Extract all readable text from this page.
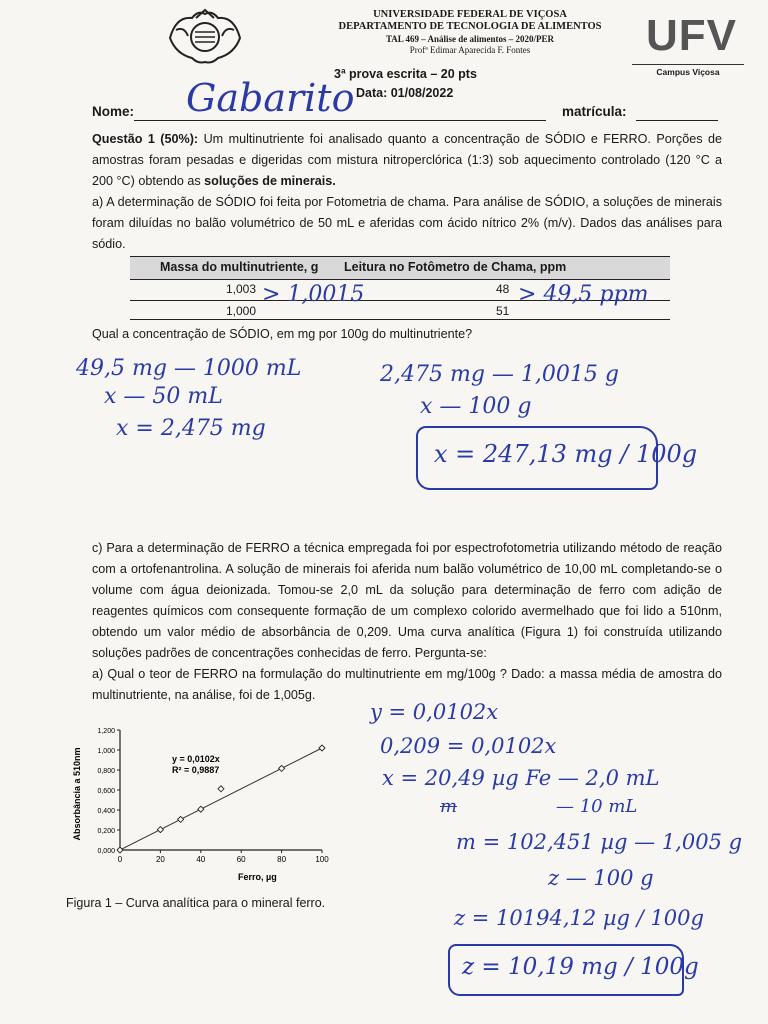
UNIVERSIDADE FEDERAL DE VIÇOSA
DEPARTAMENTO DE TECNOLOGIA DE ALIMENTOS
TAL 469 – Análise de alimentos – 2020/PER
Profª Edimar Aparecida F. Fontes	UFV
Campus Viçosa
3ª prova escrita – 20 pts
Data: 01/08/2022
Nome: Gabarito	matrícula:

Questão 1 (50%): Um multinutriente foi analisado quanto a concentração de SÓDIO e FERRO. Porções de amostras foram pesadas e digeridas com mistura nitroperclórica (1:3) sob aquecimento controlado (120 °C a 200 °C) obtendo as soluções de minerais.

a) A determinação de SÓDIO foi feita por Fotometria de chama. Para análise de SÓDIO, a soluções de minerais foram diluídas no balão volumétrico de 50 mL e aferidas com ácido nítrico 2% (m/v). Dados das análises para sódio.

Massa do multinutriente, g Leitura no Fotômetro de Chama, ppm
1,003	48
1,000	51
> 1,0015	> 49,5 ppm

Qual a concentração de SÓDIO, em mg por 100g do multinutriente?

49,5 mg — 1000 mL
x — 50 mL
x = 2,475 mg
2,475 mg — 1,0015 g
x — 100 g
x = 247,13 mg / 100g

c) Para a determinação de FERRO a técnica empregada foi por espectrofotometria utilizando método de reação com a ortofenantrolina. A solução de minerais foi aferida num balão volumétrico de 10,00 mL completando-se o volume com água deionizada. Tomou-se 2,0 mL da solução para determinação de ferro com adição de reagentes químicos com consequente formação de um complexo colorido avermelhado que foi lido a 510nm, obtendo um valor médio de absorbância de 0,209. Uma curva analítica (Figura 1) foi construída utilizando soluções padrões de concentrações conhecidas de ferro. Pergunta-se:

a) Qual o teor de FERRO na formulação do multinutriente em mg/100g ? Dado: a massa média de amostra do multinutriente, na análise, foi de 1,005g.

0	20	40	60	80	100
0,000
0,200
0,400
0,600
0,800
1,000
1,200
y = 0,0102x
R² = 0,9887
Ferro, µg
Absorbância a 510nm
Figura 1 – Curva analítica para o mineral ferro.
y = 0,0102x
0,209 = 0,0102x
x = 20,49 µg Fe — 2,0 mL
m	— 10 mL
m = 102,451 µg — 1,005 g
z — 100 g
z = 10194,12 µg / 100g
z = 10,19 mg / 100g
